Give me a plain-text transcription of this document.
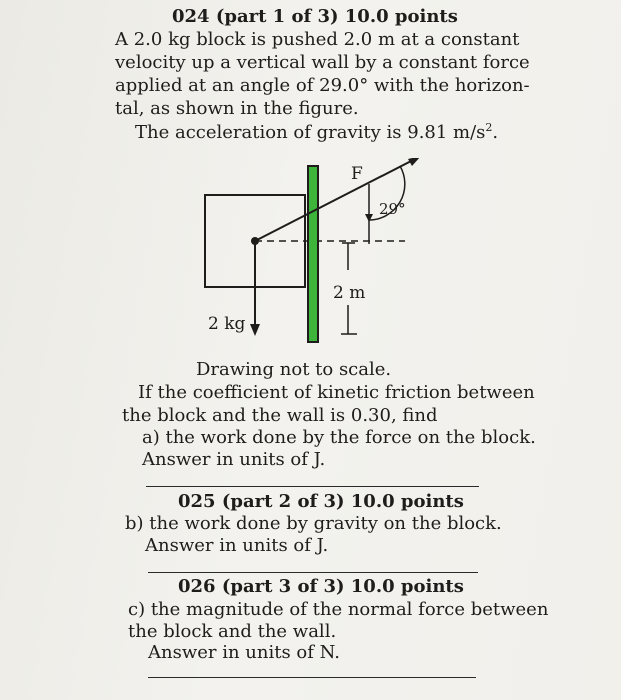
024 (part 1 of 3) 10.0 points
A 2.0 kg block is pushed 2.0 m at a constant
velocity up a vertical wall by a constant force
applied at an angle of 29.0° with the horizon-
tal, as shown in the figure.
The acceleration of gravity is 9.81 $m/s^2$.
F
29°
2 m
2 kg
Drawing not to scale.
If the coefficient of kinetic friction between
the block and the wall is 0.30, find
a) the work done by the force on the block.
Answer in units of J.
025 (part 2 of 3) 10.0 points
b) the work done by gravity on the block.
Answer in units of J.
026 (part 3 of 3) 10.0 points
c) the magnitude of the normal force between
the block and the wall.
Answer in units of N.
